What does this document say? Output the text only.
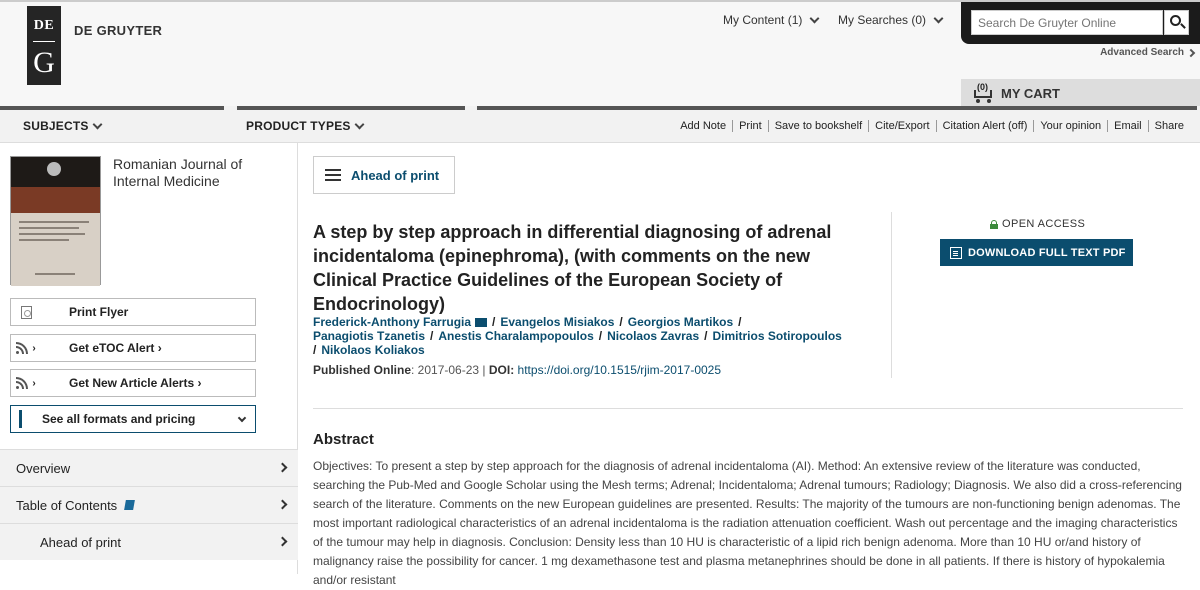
DE
G
DE GRUYTER
My Content (1)	My Searches (0)
Search De Gruyter Online
Advanced Search
(0) MY CART
SUBJECTS	PRODUCT TYPES	Add Note	Print	Save to bookshelf	Cite/Export	Citation Alert (off)	Your opinion	Email	Share
Romanian Journal of Internal Medicine
Print Flyer
›	Get eTOC Alert ›
›	Get New Article Alerts ›
See all formats and pricing
Overview
Table of Contents
Ahead of print
Ahead of print
A step by step approach in differential diagnosing of adrenal incidentaloma (epinephroma), (with comments on the new Clinical Practice Guidelines of the European Society of Endocrinology)
Frederick-Anthony Farrugia / Evangelos Misiakos / Georgios Martikos /
Panagiotis Tzanetis / Anestis Charalampopoulos / Nicolaos Zavras / Dimitrios Sotiropoulos
/ Nikolaos Koliakos
Published Online: 2017-06-23 | DOI: https://doi.org/10.1515/rjim-2017-0025
OPEN ACCESS
DOWNLOAD FULL TEXT PDF
Abstract
Objectives: To present a step by step approach for the diagnosis of adrenal incidentaloma (AI). Method: An extensive review of the literature was conducted, searching the Pub-Med and Google Scholar using the Mesh terms; Adrenal; Incidentaloma; Adrenal tumours; Radiology; Diagnosis. We also did a cross-referencing search of the literature. Comments on the new European guidelines are presented. Results: The majority of the tumours are non-functioning benign adenomas. The most important radiological characteristics of an adrenal incidentaloma is the radiation attenuation coefficient. Wash out percentage and the imaging characteristics of the tumour may help in diagnosis. Conclusion: Density less than 10 HU is characteristic of a lipid rich benign adenoma. More than 10 HU or/and history of malignancy raise the possibility for cancer. 1 mg dexamethasone test and plasma metanephrines should be done in all patients. If there is history of hypokalemia and/or resistant
